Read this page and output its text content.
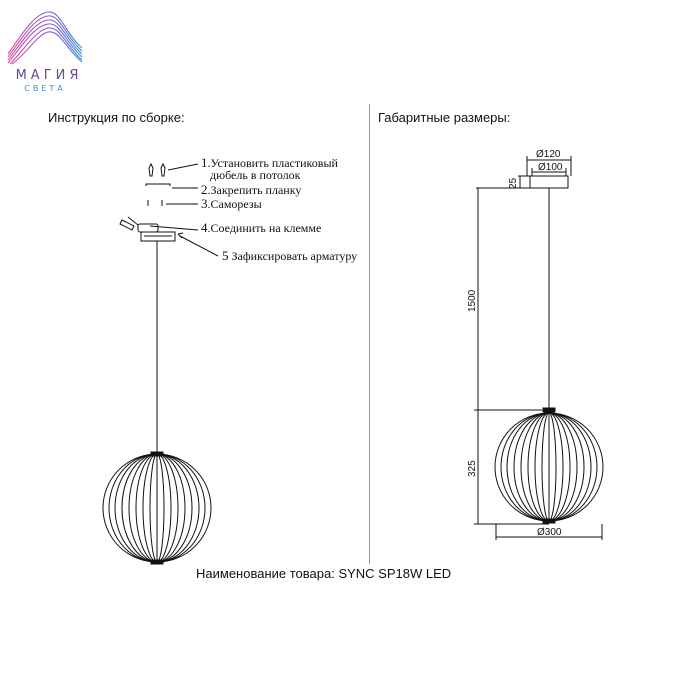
МАГИЯ
СВЕТА
Инструкция по сборке:	Габаритные размеры:
1.Установить пластиковый
дюбель в потолок
2.Закрепить планку
3.Саморезы
4.Соединить на клемме
5 Зафиксировать арматуру
Ø120
Ø100
25
1500
325
Ø300
Наименование товара: SYNC SP18W LED
